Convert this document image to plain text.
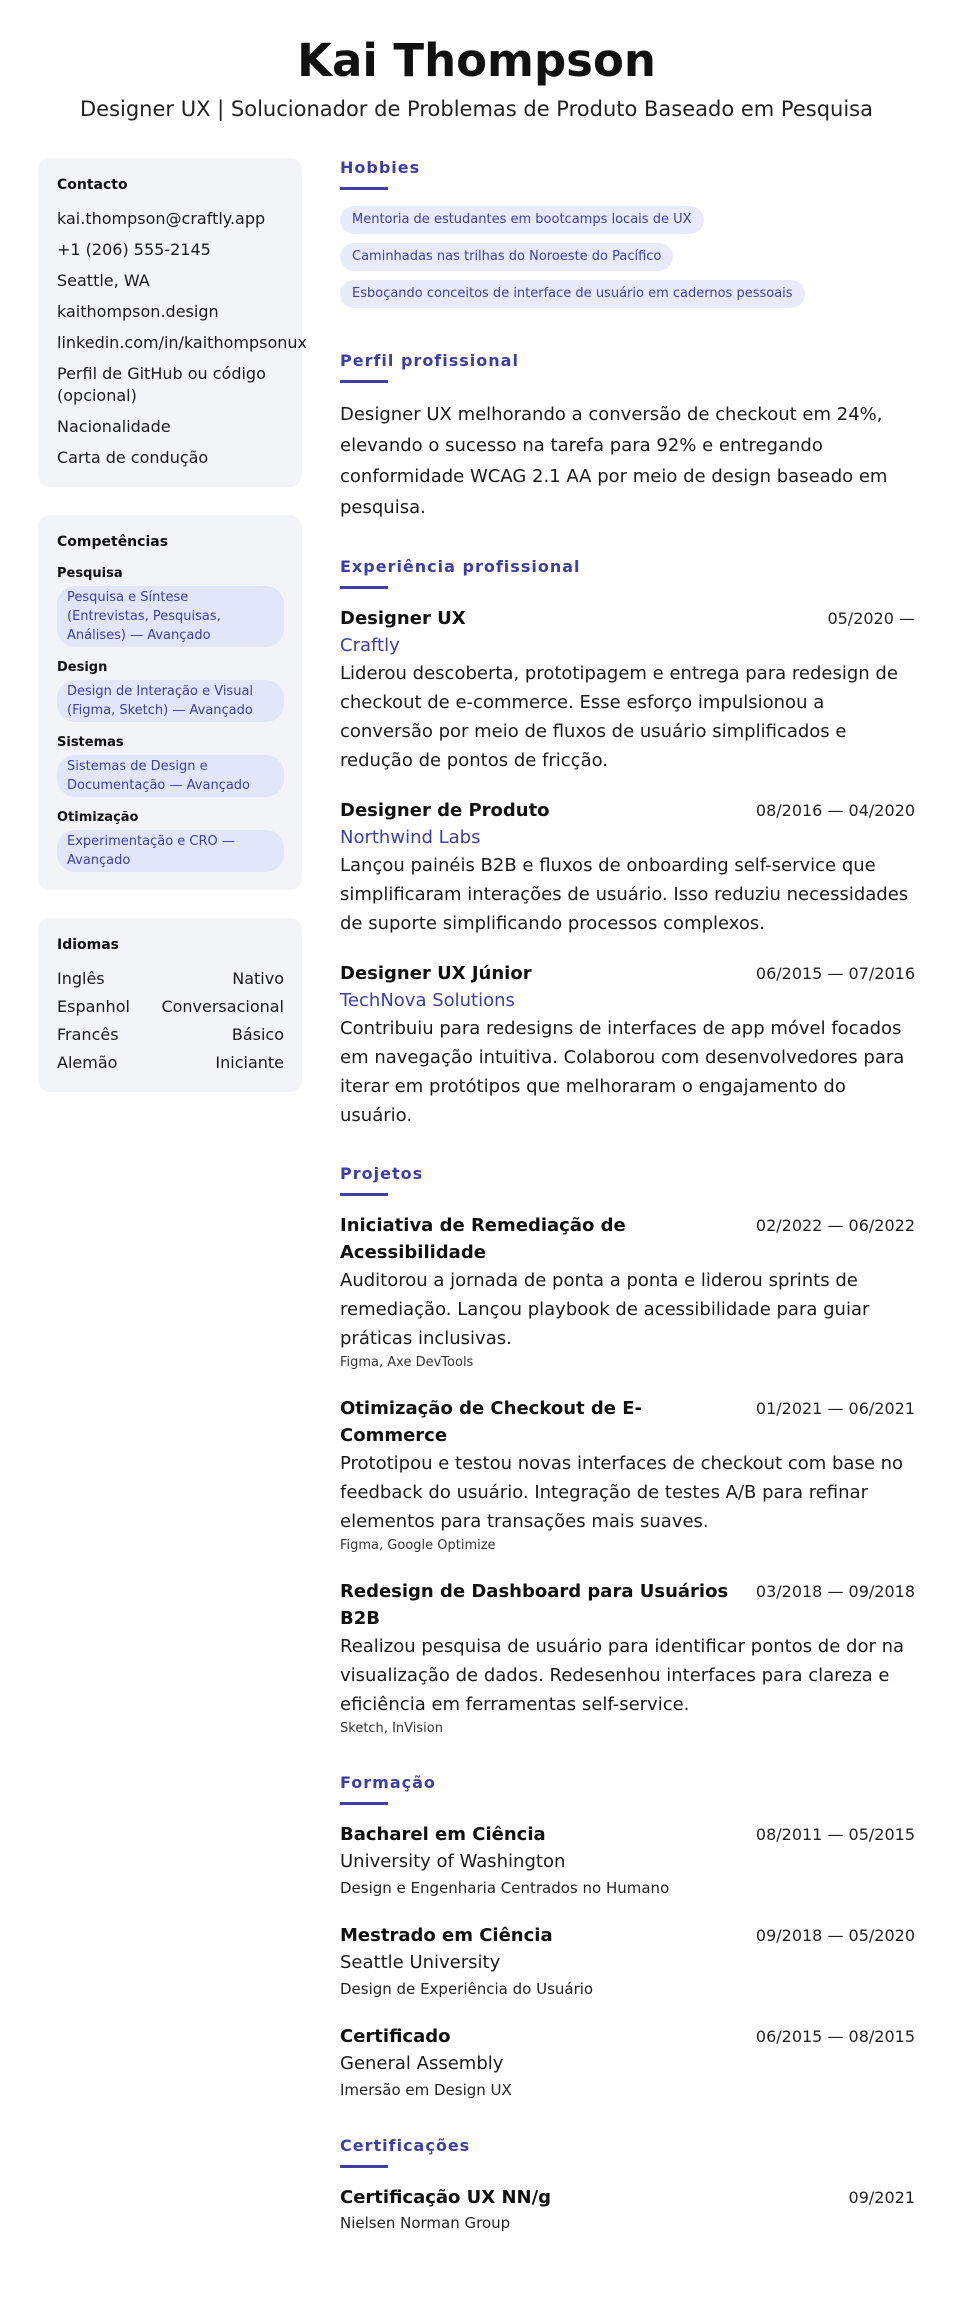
Kai Thompson

Designer UX | Solucionador de Problemas de Produto Baseado em Pesquisa

Contacto
kai.thompson@craftly.app
+1 (206) 555-2145
Seattle, WA
kaithompson.design
linkedin.com/in/kaithompsonux
Perfil de GitHub ou código (opcional)
Nacionalidade
Carta de condução
Competências
Pesquisa
Pesquisa e Síntese (Entrevistas, Pesquisas, Análises) — Avançado
Design
Design de Interação e Visual (Figma, Sketch) — Avançado
Sistemas
Sistemas de Design e Documentação — Avançado
Otimização
Experimentação e CRO — Avançado
Idiomas
Inglês	Nativo
Espanhol Conversacional
Francês	Básico
Alemão	Iniciante
Hobbies
Mentoria de estudantes em bootcamps locais de UX
Caminhadas nas trilhas do Noroeste do Pacífico
Esboçando conceitos de interface de usuário em cadernos pessoais
Perfil profissional

Designer UX melhorando a conversão de checkout em 24%, elevando o sucesso na tarefa para 92% e entregando conformidade WCAG 2.1 AA por meio de design baseado em pesquisa.

Experiência profissional
Designer UX	05/2020 —
Craftly
Liderou descoberta, prototipagem e entrega para redesign de checkout de e-commerce. Esse esforço impulsionou a conversão por meio de fluxos de usuário simplificados e redução de pontos de fricção.
Designer de Produto	08/2016 — 04/2020
Northwind Labs
Lançou painéis B2B e fluxos de onboarding self-service que simplificaram interações de usuário. Isso reduziu necessidades de suporte simplificando processos complexos.
Designer UX Júnior	06/2015 — 07/2016
TechNova Solutions
Contribuiu para redesigns de interfaces de app móvel focados em navegação intuitiva. Colaborou com desenvolvedores para iterar em protótipos que melhoraram o engajamento do usuário.
Projetos
Iniciativa de Remediação de Acessibilidade
02/2022 — 06/2022
Auditorou a jornada de ponta a ponta e liderou sprints de remediação. Lançou playbook de acessibilidade para guiar práticas inclusivas.
Figma, Axe DevTools
Otimização de Checkout de E-Commerce
01/2021 — 06/2021
Prototipou e testou novas interfaces de checkout com base no feedback do usuário. Integração de testes A/B para refinar elementos para transações mais suaves.
Figma, Google Optimize
Redesign de Dashboard para Usuários B2B
03/2018 — 09/2018
Realizou pesquisa de usuário para identificar pontos de dor na visualização de dados. Redesenhou interfaces para clareza e eficiência em ferramentas self-service.
Sketch, InVision
Formação
Bacharel em Ciência	08/2011 — 05/2015
University of Washington
Design e Engenharia Centrados no Humano
Mestrado em Ciência	09/2018 — 05/2020
Seattle University
Design de Experiência do Usuário
Certificado	06/2015 — 08/2015
General Assembly
Imersão em Design UX
Certificações
Certificação UX NN/g	09/2021
Nielsen Norman Group
